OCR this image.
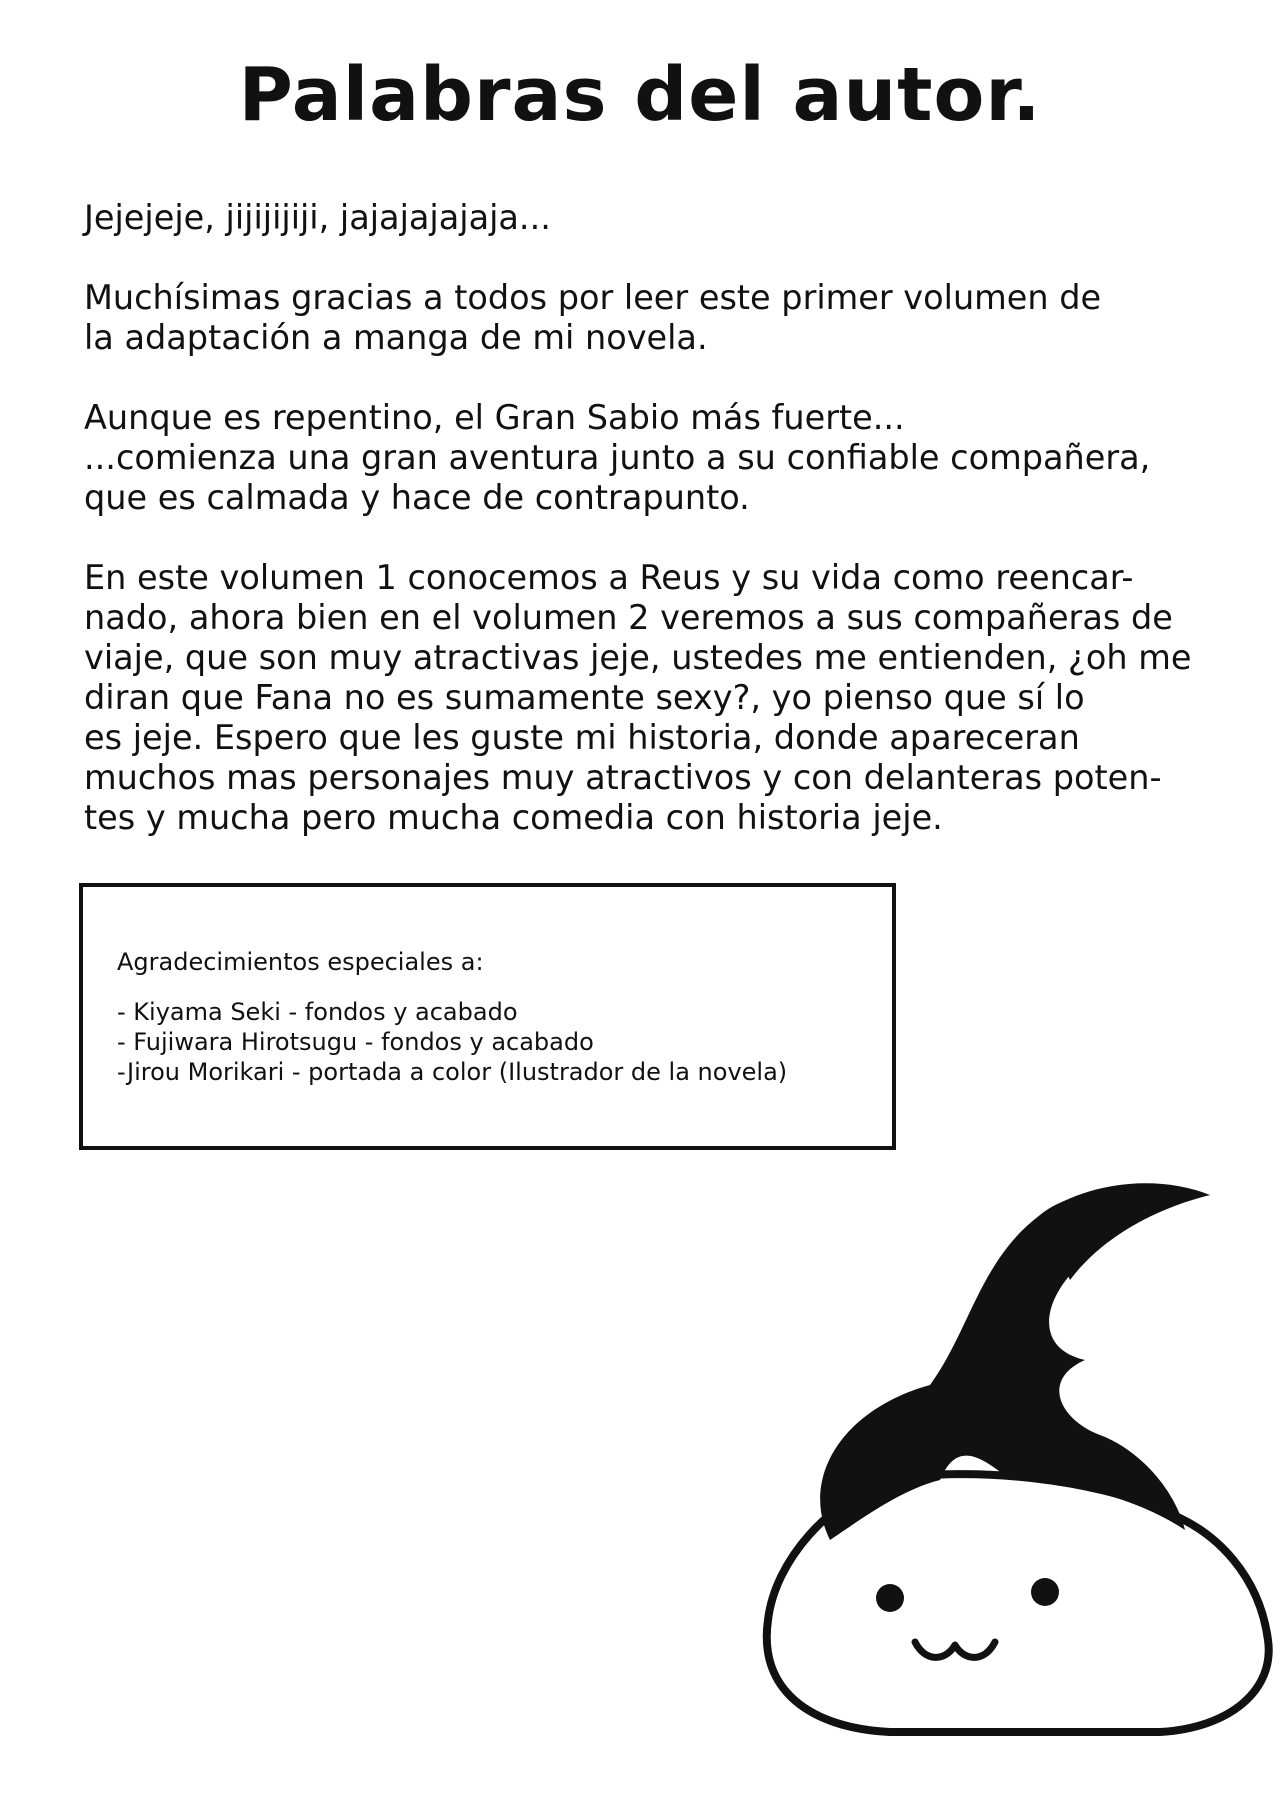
Palabras del autor.

Jejejeje, jijijijiji, jajajajajaja...

Muchísimas gracias a todos por leer este primer volumen de
la adaptación a manga de mi novela.

Aunque es repentino, el Gran Sabio más fuerte...
...comienza una gran aventura junto a su confiable compañera,
que es calmada y hace de contrapunto.

En este volumen 1 conocemos a Reus y su vida como reencar-
nado, ahora bien en el volumen 2 veremos a sus compañeras de
viaje, que son muy atractivas jeje, ustedes me entienden, ¿oh me
diran que Fana no es sumamente sexy?, yo pienso que sí lo
es jeje. Espero que les guste mi historia, donde apareceran
muchos mas personajes muy atractivos y con delanteras poten-
tes y mucha pero mucha comedia con historia jeje.

Agradecimientos especiales a:
- Kiyama Seki - fondos y acabado
- Fujiwara Hirotsugu - fondos y acabado
-Jirou Morikari - portada a color (Ilustrador de la novela)
